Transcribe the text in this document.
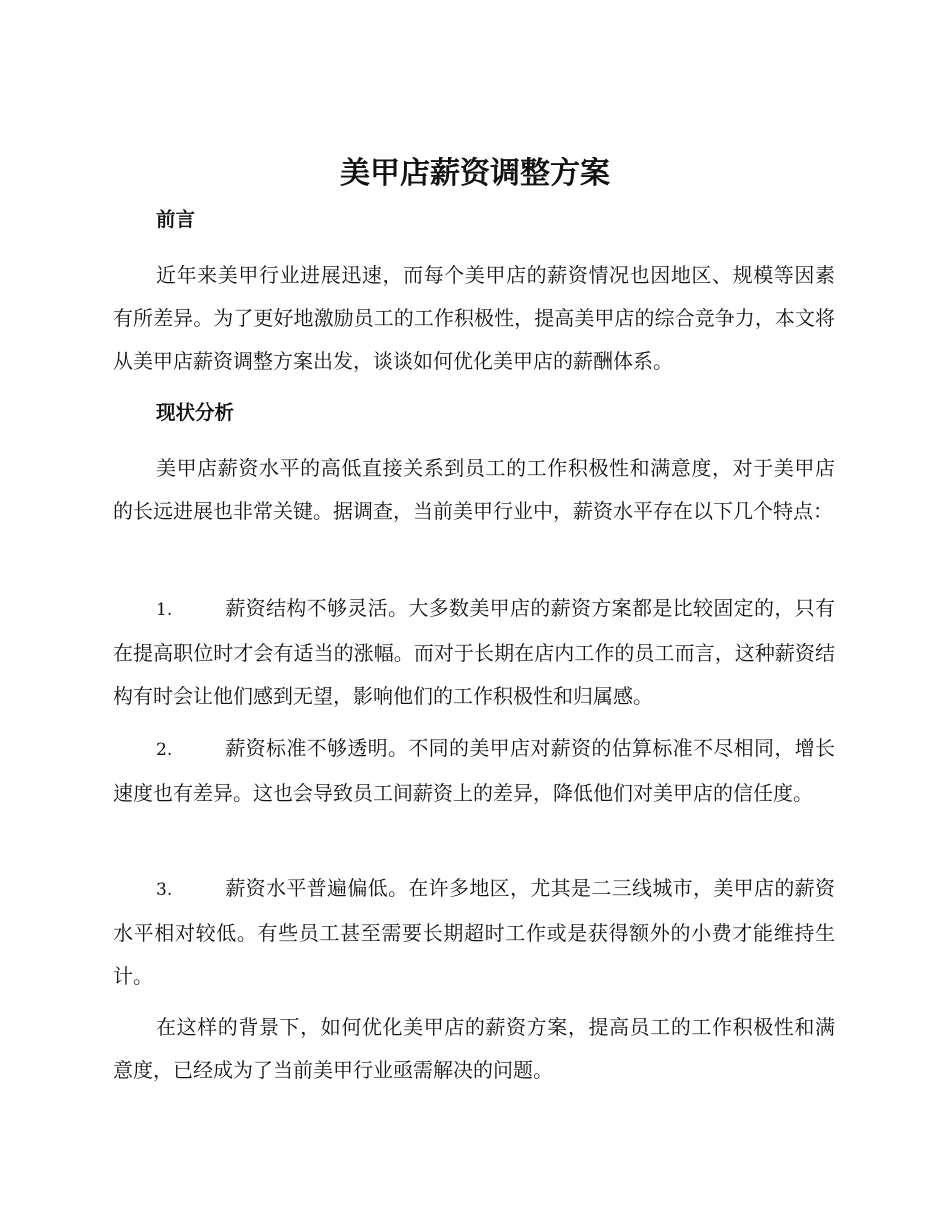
美甲店薪资调整方案
前言

近年来美甲行业进展迅速，而每个美甲店的薪资情况也因地区、规模等因素有所差异。为了更好地激励员工的工作积极性，提高美甲店的综合竞争力，本文将从美甲店薪资调整方案出发，谈谈如何优化美甲店的薪酬体系。

现状分析

美甲店薪资水平的高低直接关系到员工的工作积极性和满意度，对于美甲店的长远进展也非常关键。据调查，当前美甲行业中，薪资水平存在以下几个特点：

1.	薪资结构不够灵活。大多数美甲店的薪资方案都是比较固定的，只有在提高职位时才会有适当的涨幅。而对于长期在店内工作的员工而言，这种薪资结构有时会让他们感到无望，影响他们的工作积极性和归属感。

2.	薪资标准不够透明。不同的美甲店对薪资的估算标准不尽相同，增长速度也有差异。这也会导致员工间薪资上的差异，降低他们对美甲店的信任度。

3.	薪资水平普遍偏低。在许多地区，尤其是二三线城市，美甲店的薪资水平相对较低。有些员工甚至需要长期超时工作或是获得额外的小费才能维持生计。

在这样的背景下，如何优化美甲店的薪资方案，提高员工的工作积极性和满意度，已经成为了当前美甲行业亟需解决的问题。
